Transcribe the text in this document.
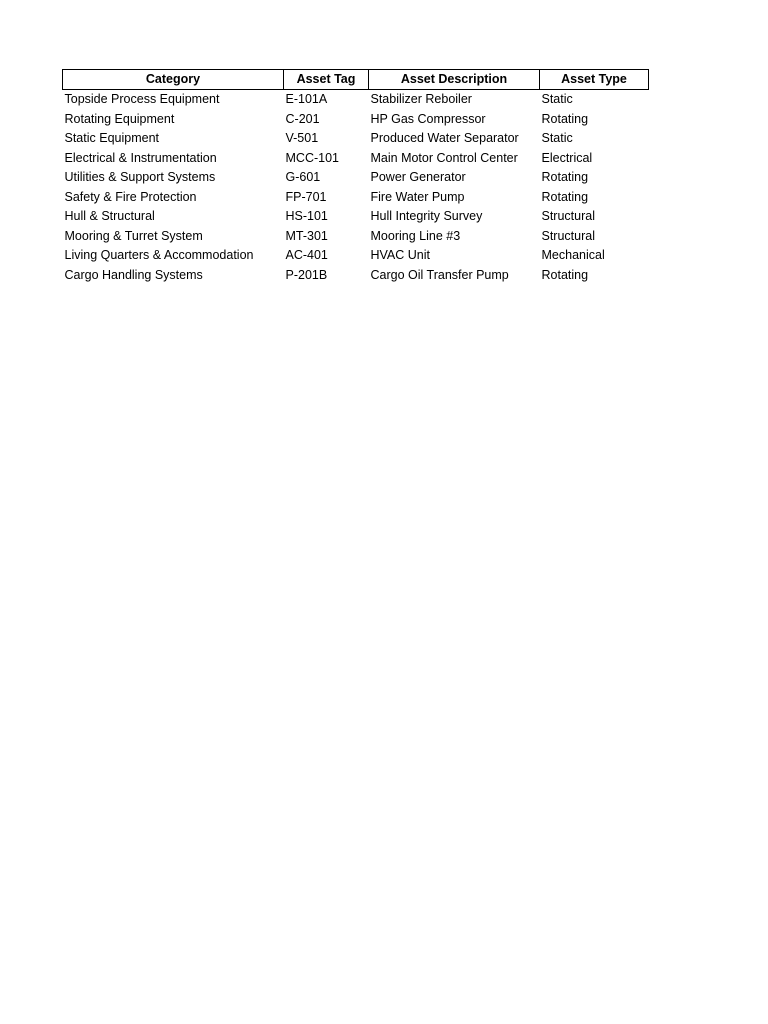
Category	Asset Tag	Asset Description	Asset Type
Topside Process Equipment	E-101A	Stabilizer Reboiler	Static
Rotating Equipment	C-201	HP Gas Compressor	Rotating
Static Equipment	V-501	Produced Water Separator	Static
Electrical & Instrumentation	MCC-101	Main Motor Control Center	Electrical
Utilities & Support Systems	G-601	Power Generator	Rotating
Safety & Fire Protection	FP-701	Fire Water Pump	Rotating
Hull & Structural	HS-101	Hull Integrity Survey	Structural
Mooring & Turret System	MT-301	Mooring Line #3	Structural
Living Quarters & Accommodation	AC-401	HVAC Unit	Mechanical
Cargo Handling Systems	P-201B	Cargo Oil Transfer Pump	Rotating
